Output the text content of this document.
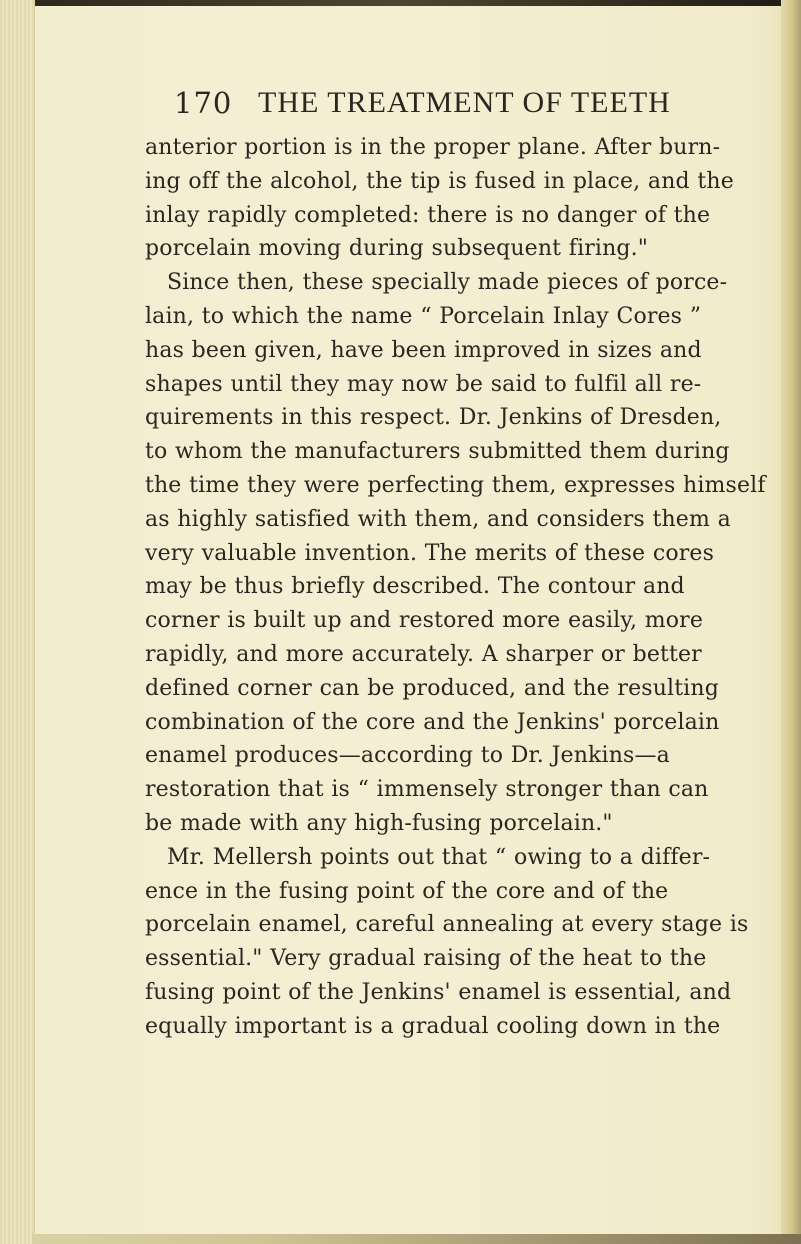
170 THE TREATMENT OF TEETH
anterior portion is in the proper plane. After burn-
ing off the alcohol, the tip is fused in place, and the
inlay rapidly completed: there is no danger of the
porcelain moving during subsequent firing."
Since then, these specially made pieces of porce-
lain, to which the name “ Porcelain Inlay Cores ”
has been given, have been improved in sizes and
shapes until they may now be said to fulfil all re-
quirements in this respect. Dr. Jenkins of Dresden,
to whom the manufacturers submitted them during
the time they were perfecting them, expresses himself
as highly satisfied with them, and considers them a
very valuable invention. The merits of these cores
may be thus briefly described. The contour and
corner is built up and restored more easily, more
rapidly, and more accurately. A sharper or better
defined corner can be produced, and the resulting
combination of the core and the Jenkins' porcelain
enamel produces—according to Dr. Jenkins—a
restoration that is “ immensely stronger than can
be made with any high-fusing porcelain."
Mr. Mellersh points out that “ owing to a differ-
ence in the fusing point of the core and of the
porcelain enamel, careful annealing at every stage is
essential." Very gradual raising of the heat to the
fusing point of the Jenkins' enamel is essential, and
equally important is a gradual cooling down in the
